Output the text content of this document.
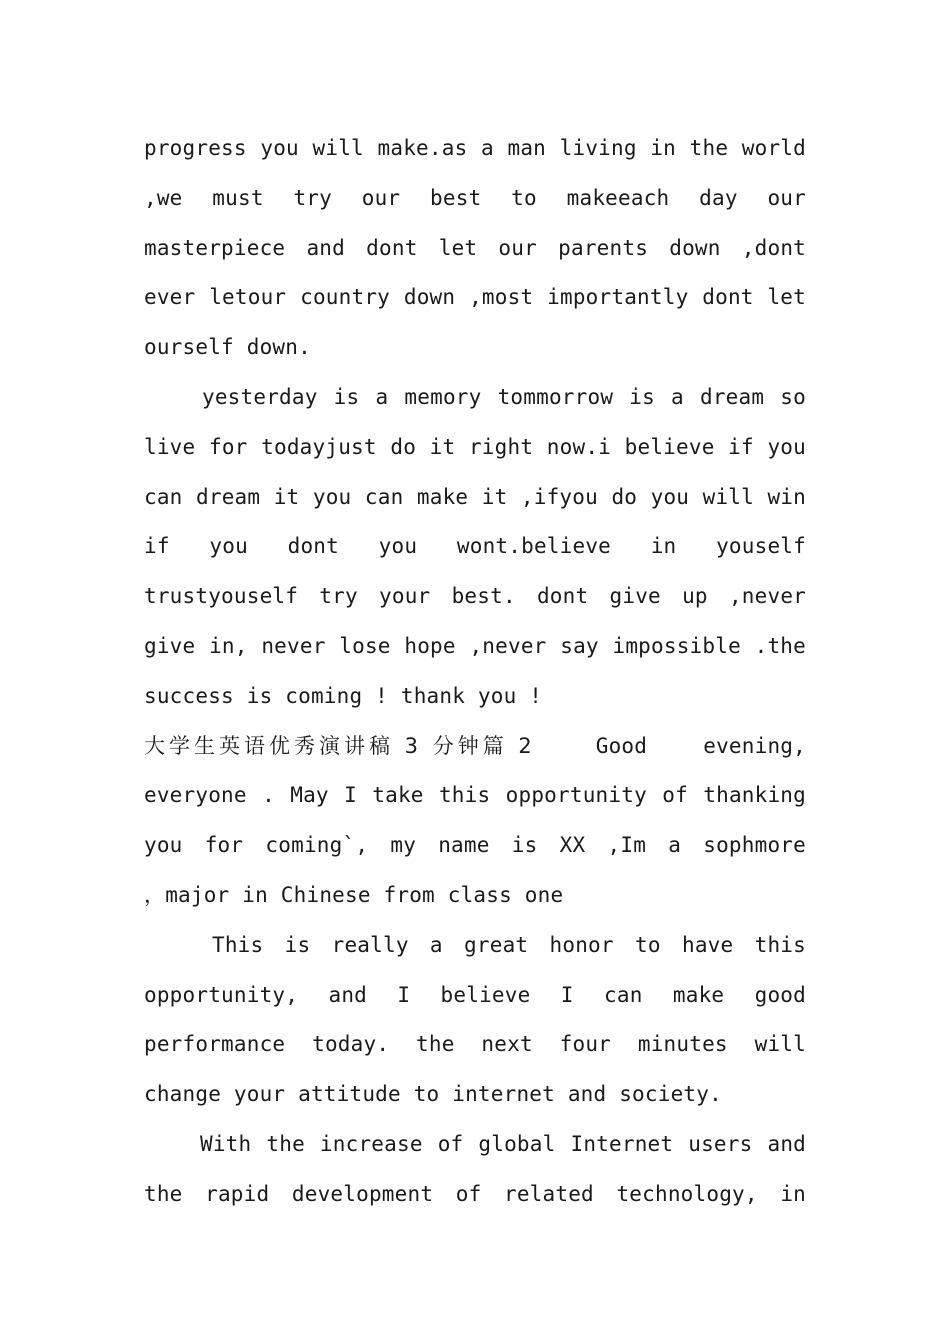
progress you will make.as a man living in the world
,we must try our best to makeeach day our
masterpiece and dont let our parents down ,dont
ever letour country down ,most importantly dont let
ourself down.
yesterday is a memory tommorrow is a dream so
live for todayjust do it right now.i believe if you
can dream it you can make it ,ifyou do you will win
if you dont you wont.believe in youself
trustyouself try your best. dont give up ,never
give in, never lose hope ,never say impossible .the
success is coming ! thank you !
大学生英语优秀演讲稿 3 分钟篇 2	Good evening,
everyone . May I take this opportunity of thanking
you for coming`, my name is XX ,Im a sophmore
，major in Chinese from class one
This is really a great honor to have this
opportunity, and I believe I can make good
performance today. the next four minutes will
change your attitude to internet and society.
With the increase of global Internet users and
the rapid development of related technology, in
